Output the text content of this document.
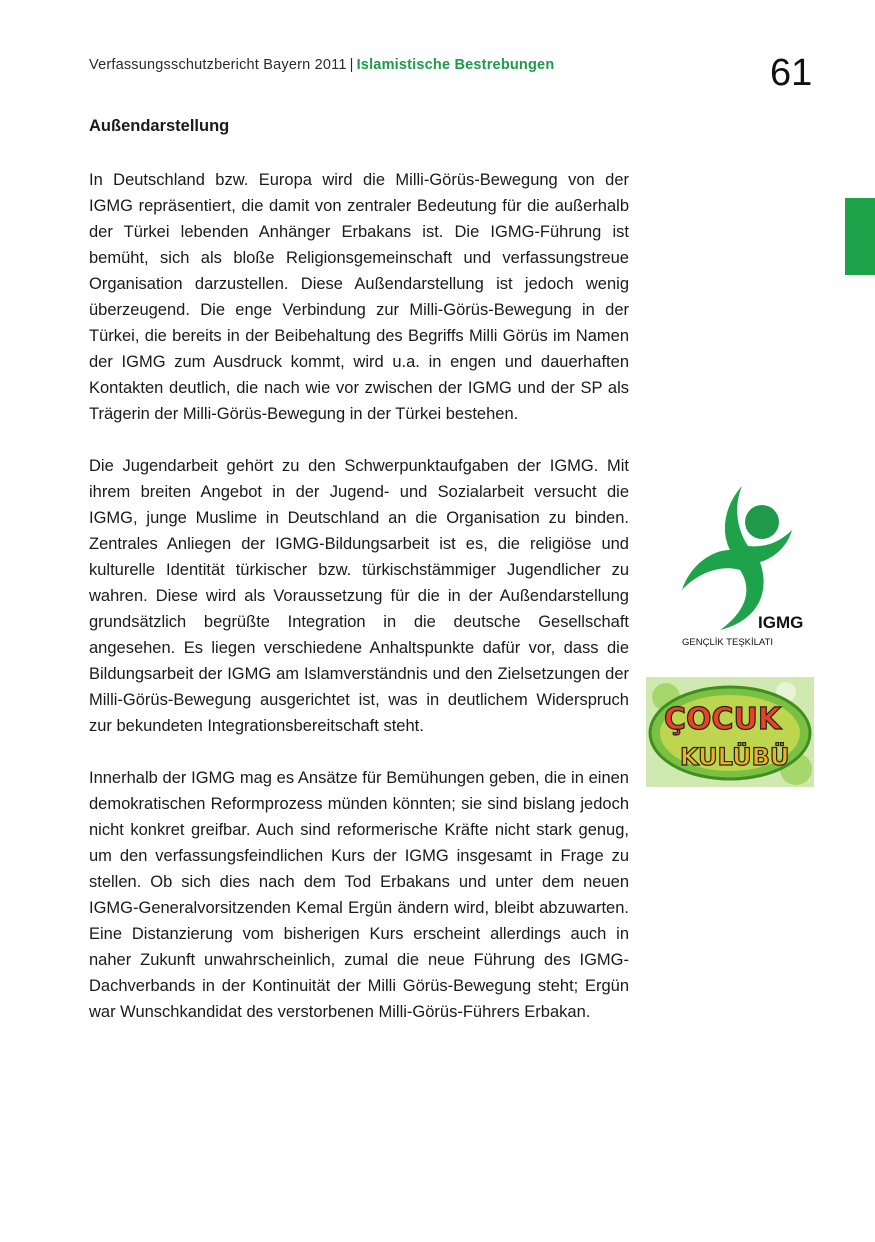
Verfassungsschutzbericht Bayern 2011 | Islamistische Bestrebungen	61
Außendarstellung

In Deutschland bzw. Europa wird die Milli-Görüs-Bewegung von der IGMG repräsentiert, die damit von zentraler Bedeutung für die außerhalb der Türkei lebenden Anhänger Erbakans ist. Die IGMG-Führung ist bemüht, sich als bloße Religionsgemeinschaft und verfassungstreue Organisation darzustellen. Diese Außendarstellung ist jedoch wenig überzeugend. Die enge Verbindung zur Milli-Görüs-Bewegung in der Türkei, die bereits in der Beibehaltung des Begriffs Milli Görüs im Namen der IGMG zum Ausdruck kommt, wird u.a. in engen und dauerhaften Kontakten deutlich, die nach wie vor zwischen der IGMG und der SP als Trägerin der Milli-Görüs-Bewegung in der Türkei bestehen.

Die Jugendarbeit gehört zu den Schwerpunktaufgaben der IGMG. Mit ihrem breiten Angebot in der Jugend- und Sozialarbeit versucht die IGMG, junge Muslime in Deutschland an die Organisation zu binden. Zentrales Anliegen der IGMG-Bildungsarbeit ist es, die religiöse und kulturelle Identität türkischer bzw. türkischstämmiger Jugendlicher zu wahren. Diese wird als Voraussetzung für die in der Außendarstellung grundsätzlich begrüßte Integration in die deutsche Gesellschaft angesehen. Es liegen verschiedene Anhaltspunkte dafür vor, dass die Bildungsarbeit der IGMG am Islamverständnis und den Zielsetzungen der Milli-Görüs-Bewegung ausgerichtet ist, was in deutlichem Widerspruch zur bekundeten Integrationsbereitschaft steht.

Innerhalb der IGMG mag es Ansätze für Bemühungen geben, die in einen demokratischen Reformprozess münden könnten; sie sind bislang jedoch nicht konkret greifbar. Auch sind reformerische Kräfte nicht stark genug, um den verfassungsfeindlichen Kurs der IGMG insgesamt in Frage zu stellen. Ob sich dies nach dem Tod Erbakans und unter dem neuen IGMG-Generalvorsitzenden Kemal Ergün ändern wird, bleibt abzuwarten. Eine Distanzierung vom bisherigen Kurs erscheint allerdings auch in naher Zukunft unwahrscheinlich, zumal die neue Führung des IGMG-Dachverbands in der Kontinuität der Milli Görüs-Bewegung steht; Ergün war Wunschkandidat des verstorbenen Milli-Görüs-Führers Erbakan.

IGMG
GENÇLİK TEŞKİLATI
ÇOCUK
KULÜBÜ
